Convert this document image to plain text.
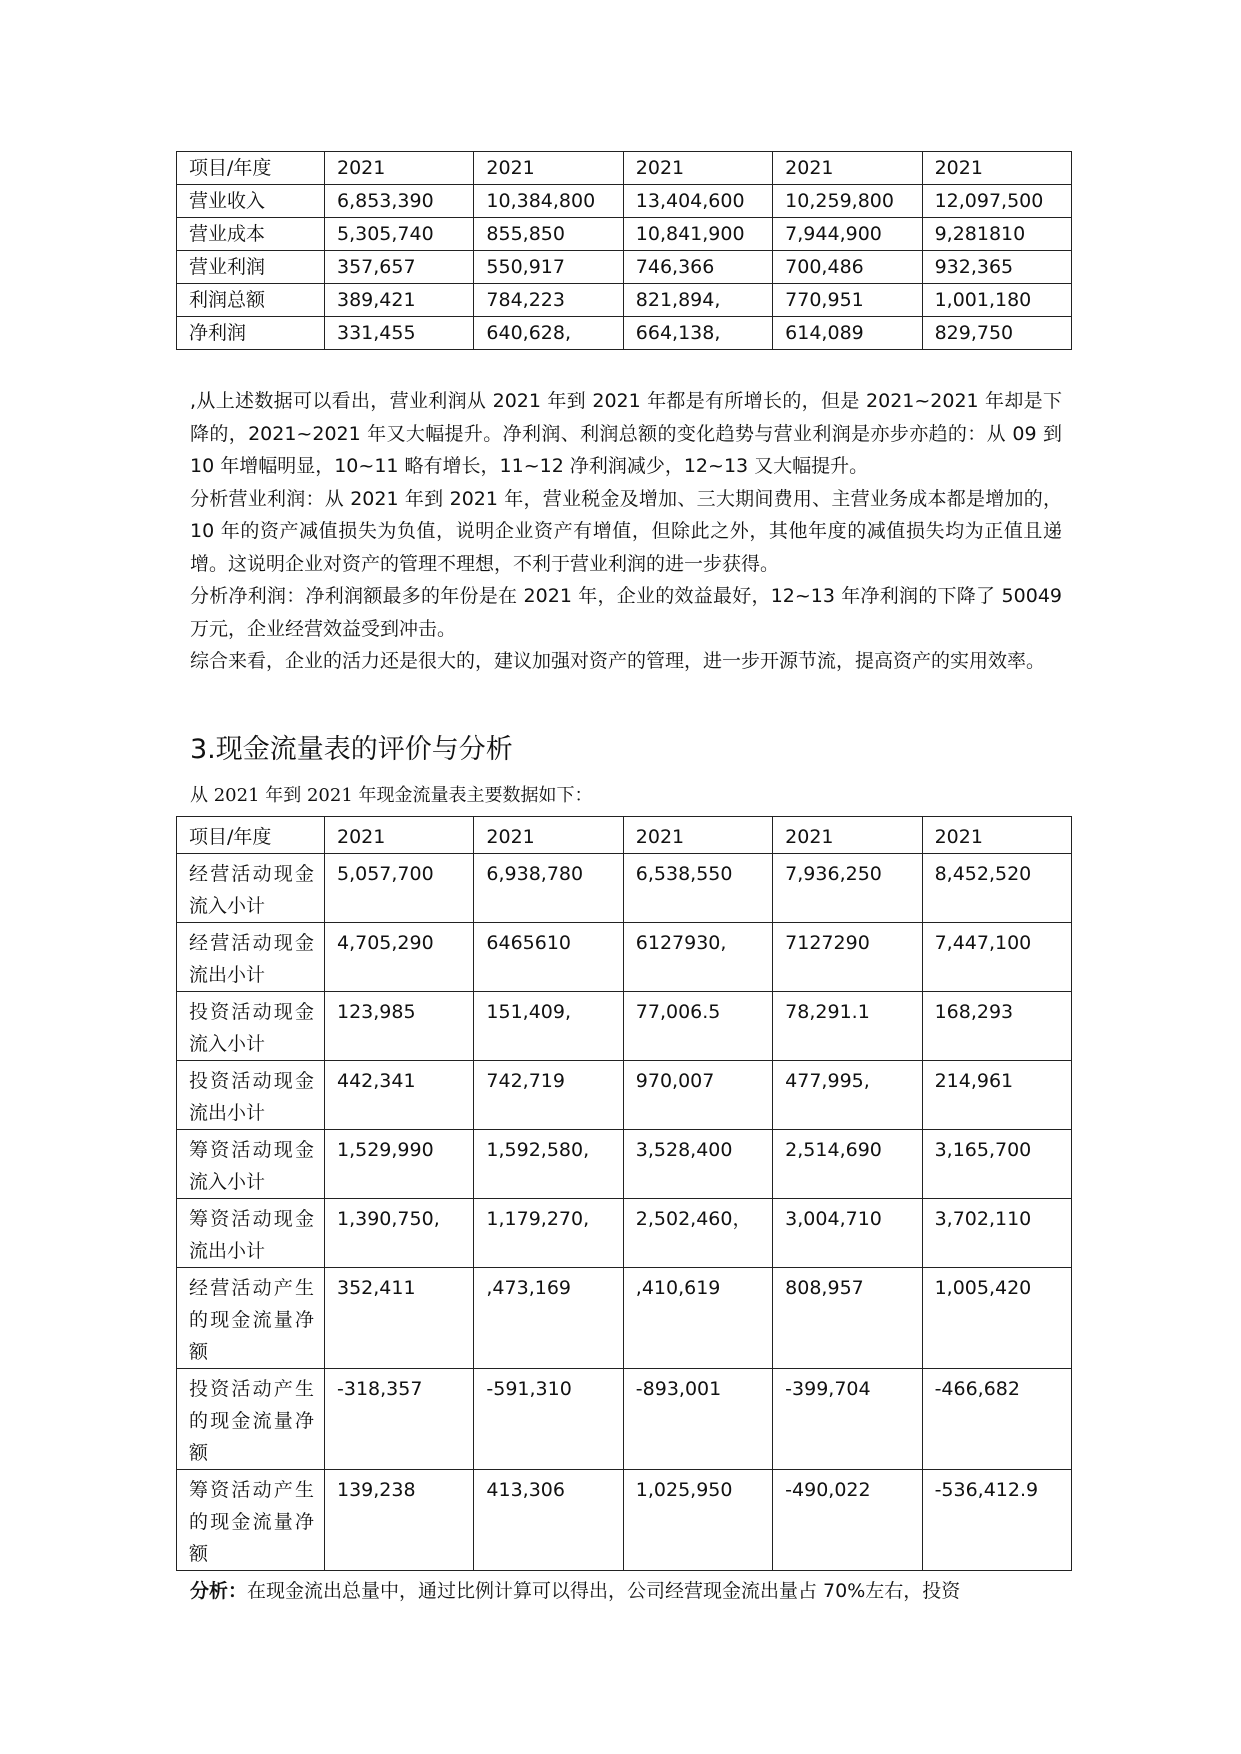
项目/年度	2021	2021	2021	2021	2021
营业收入	6,853,390	10,384,800	13,404,600	10,259,800	12,097,500
营业成本	5,305,740	855,850	10,841,900	7,944,900	9,281810
营业利润	357,657	550,917	746,366	700,486	932,365
利润总额	389,421	784,223	821,894,	770,951	1,001,180
净利润	331,455	640,628,	664,138,	614,089	829,750
,从上述数据可以看出，营业利润从 2021 年到 2021 年都是有所增长的，但是 2021~2021 年却是下降的，2021~2021 年又大幅提升。净利润、利润总额的变化趋势与营业利润是亦步亦趋的：从 09 到 10 年增幅明显，10~11 略有增长，11~12 净利润减少，12~13 又大幅提升。
分析营业利润：从 2021 年到 2021 年，营业税金及增加、三大期间费用、主营业务成本都是增加的，10 年的资产减值损失为负值，说明企业资产有增值，但除此之外，其他年度的减值损失均为正值且递增。这说明企业对资产的管理不理想，不利于营业利润的进一步获得。
分析净利润：净利润额最多的年份是在 2021 年，企业的效益最好，12~13 年净利润的下降了 50049 万元，企业经营效益受到冲击。
综合来看，企业的活力还是很大的，建议加强对资产的管理，进一步开源节流，提高资产的实用效率。
3.现金流量表的评价与分析

从 2021 年到 2021 年现金流量表主要数据如下：

项目/年度	2021	2021	2021	2021	2021
经营活动现金流入小计	5,057,700	6,938,780	6,538,550	7,936,250	8,452,520
经营活动现金流出小计	4,705,290	6465610	6127930,	7127290	7,447,100
投资活动现金流入小计	123,985	151,409,	77,006.5	78,291.1	168,293
投资活动现金流出小计	442,341	742,719	970,007	477,995,	214,961
筹资活动现金流入小计	1,529,990	1,592,580,	3,528,400	2,514,690	3,165,700
筹资活动现金流出小计	1,390,750,	1,179,270,	2,502,460，	3,004,710	3,702,110
经营活动产生的现金流量净额	352,411	,473,169	,410,619	808,957	1,005,420
投资活动产生的现金流量净额	-318,357	-591,310	-893,001	-399,704	-466,682
筹资活动产生的现金流量净额	139,238	413,306	1,025,950	-490,022	-536,412.9

分析：在现金流出总量中，通过比例计算可以得出，公司经营现金流出量占 70%左右，投资
